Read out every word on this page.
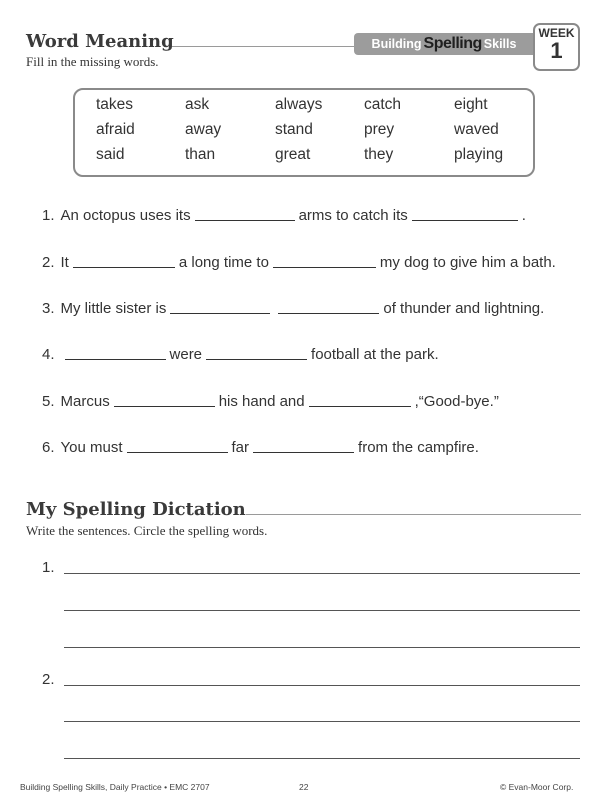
Word Meaning	Building Spelling Skills
WEEK
1
Fill in the missing words.
takes	ask	always	catch	eight
afraid	away	stand	prey	waved
said	than	great	they	playing
1. An octopus uses its	arms to catch its	.
2. It	a long time to	my dog to give him a bath.
3. My little sister is	of thunder and lightning.
4.	were	football at the park.
5. Marcus	his hand and	,“Good-bye.”
6. You must	far	from the campfire.
My Spelling Dictation
Write the sentences. Circle the spelling words.
1.
2.
Building Spelling Skills, Daily Practice • EMC 2707	22	© Evan-Moor Corp.
